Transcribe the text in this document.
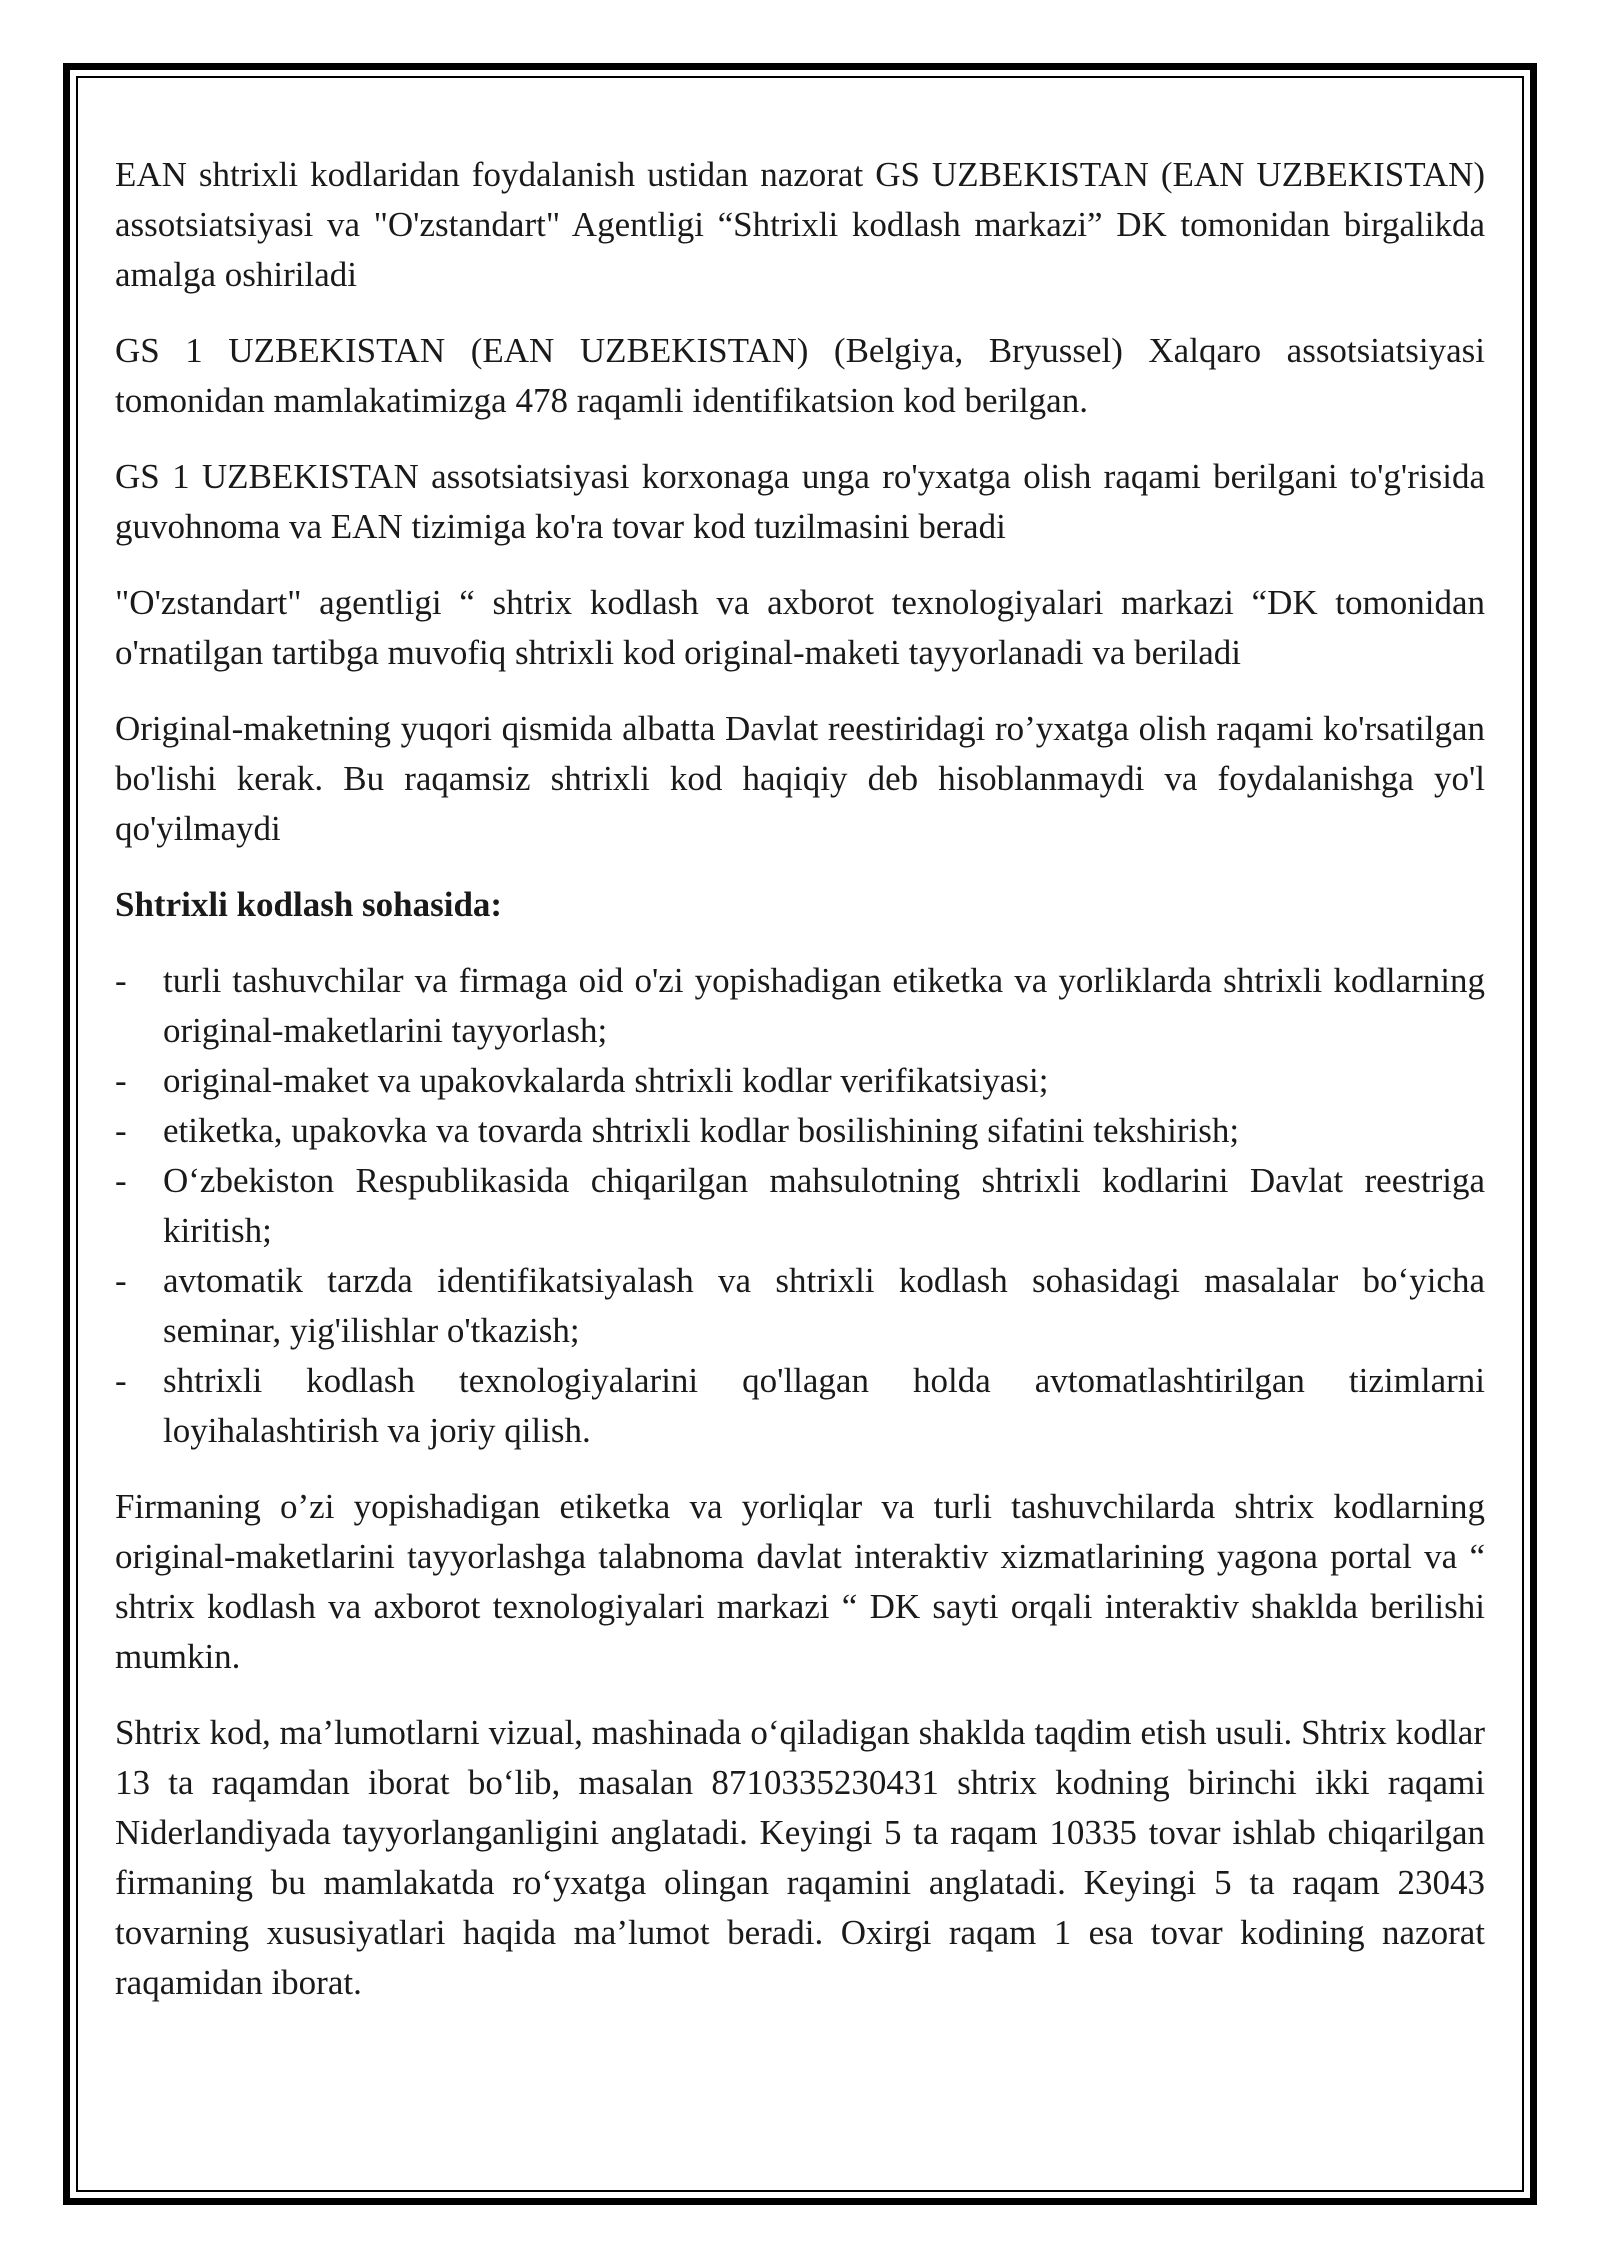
EAN shtrixli kodlaridan foydalanish ustidan nazorat GS UZBEKISTAN (EAN UZBEKISTAN) assotsiatsiyasi va "O'zstandart" Agentligi “Shtrixli kodlash markazi” DK tomonidan birgalikda amalga oshiriladi

GS 1 UZBEKISTAN (EAN UZBEKISTAN) (Belgiya, Bryussel) Xalqaro assotsiatsiyasi tomonidan mamlakatimizga 478 raqamli identifikatsion kod berilgan.

GS 1 UZBEKISTAN assotsiatsiyasi korxonaga unga ro'yxatga olish raqami berilgani to'g'risida guvohnoma va EAN tizimiga ko'ra tovar kod tuzilmasini beradi

"O'zstandart" agentligi “ shtrix kodlash va axborot texnologiyalari markazi “DK tomonidan o'rnatilgan tartibga muvofiq shtrixli kod original-maketi tayyorlanadi va beriladi

Original-maketning yuqori qismida albatta Davlat reestiridagi ro’yxatga olish raqami ko'rsatilgan bo'lishi kerak. Bu raqamsiz shtrixli kod haqiqiy deb hisoblanmaydi va foydalanishga yo'l qo'yilmaydi

Shtrixli kodlash sohasida:

- turli tashuvchilar va firmaga oid o'zi yopishadigan etiketka va yorliklarda shtrixli kodlarning original-maketlarini tayyorlash;
- original-maket va upakovkalarda shtrixli kodlar verifikatsiyasi;
- etiketka, upakovka va tovarda shtrixli kodlar bosilishining sifatini tekshirish;
- O‘zbekiston Respublikasida chiqarilgan mahsulotning shtrixli kodlarini Davlat reestriga kiritish;
- avtomatik tarzda identifikatsiyalash va shtrixli kodlash sohasidagi masalalar bo‘yicha seminar, yig'ilishlar o'tkazish;
- shtrixli kodlash texnologiyalarini qo'llagan holda avtomatlashtirilgan tizimlarni loyihalashtirish va joriy qilish.

Firmaning o’zi yopishadigan etiketka va yorliqlar va turli tashuvchilarda shtrix kodlarning original-maketlarini tayyorlashga talabnoma davlat interaktiv xizmatlarining yagona portal va “ shtrix kodlash va axborot texnologiyalari markazi “ DK sayti orqali interaktiv shaklda berilishi mumkin.

Shtrix kod, ma’lumotlarni vizual, mashinada o‘qiladigan shaklda taqdim etish usuli. Shtrix kodlar 13 ta raqamdan iborat bo‘lib, masalan 8710335230431 shtrix kodning birinchi ikki raqami Niderlandiyada tayyorlanganligini anglatadi. Keyingi 5 ta raqam 10335 tovar ishlab chiqarilgan firmaning bu mamlakatda ro‘yxatga olingan raqamini anglatadi. Keyingi 5 ta raqam 23043 tovarning xususiyatlari haqida ma’lumot beradi. Oxirgi raqam 1 esa tovar kodining nazorat raqamidan iborat.
